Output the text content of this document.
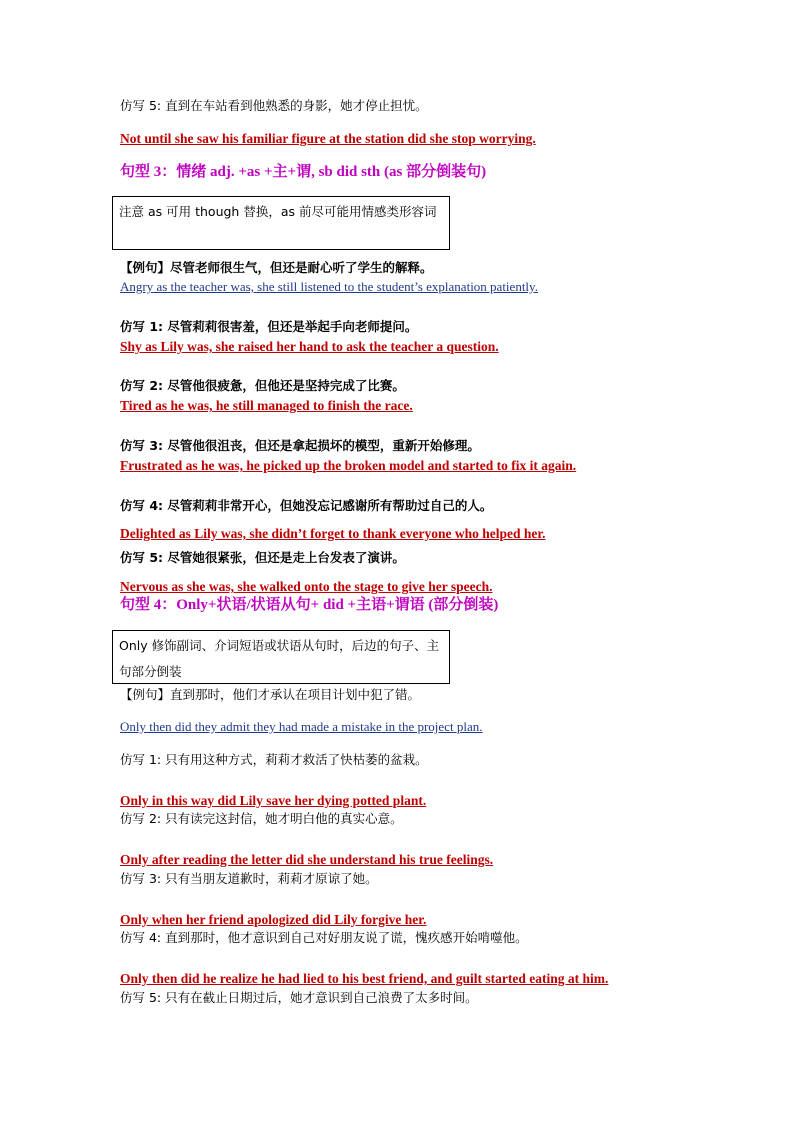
仿写 5: 直到在车站看到他熟悉的身影，她才停止担忧。
Not until she saw his familiar figure at the station did she stop worrying.
句型 3：情绪 adj. +as +主+谓, sb did sth (as 部分倒装句)
注意 as 可用 though 替换，as 前尽可能用情感类形容词
【例句】尽管老师很生气，但还是耐心听了学生的解释。
Angry as the teacher was, she still listened to the student’s explanation patiently.
仿写 1: 尽管莉莉很害羞，但还是举起手向老师提问。
Shy as Lily was, she raised her hand to ask the teacher a question.
仿写 2: 尽管他很疲惫，但他还是坚持完成了比赛。
Tired as he was, he still managed to finish the race.
仿写 3: 尽管他很沮丧，但还是拿起损坏的模型，重新开始修理。
Frustrated as he was, he picked up the broken model and started to fix it again.
仿写 4: 尽管莉莉非常开心，但她没忘记感谢所有帮助过自己的人。
Delighted as Lily was, she didn’t forget to thank everyone who helped her.
仿写 5: 尽管她很紧张，但还是走上台发表了演讲。
Nervous as she was, she walked onto the stage to give her speech.
句型 4：Only+状语/状语从句+ did +主语+谓语 (部分倒装)
Only 修饰副词、介词短语或状语从句时，后边的句子、主句部分倒装
【例句】直到那时，他们才承认在项目计划中犯了错。
Only then did they admit they had made a mistake in the project plan.
仿写 1: 只有用这种方式，莉莉才救活了快枯萎的盆栽。
Only in this way did Lily save her dying potted plant.
仿写 2: 只有读完这封信，她才明白他的真实心意。
Only after reading the letter did she understand his true feelings.
仿写 3: 只有当朋友道歉时，莉莉才原谅了她。
Only when her friend apologized did Lily forgive her.
仿写 4: 直到那时，他才意识到自己对好朋友说了谎，愧疚感开始啃噬他。
Only then did he realize he had lied to his best friend, and guilt started eating at him.
仿写 5: 只有在截止日期过后，她才意识到自己浪费了太多时间。
